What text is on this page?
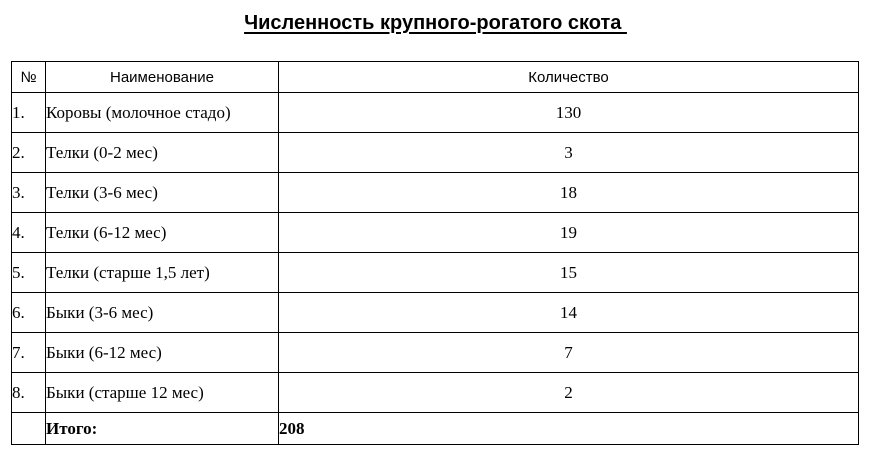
Численность крупного-рогатого скота
№	Наименование	Количество
1.	Коровы (молочное стадо)	130
2.	Телки (0-2 мес)	3
3.	Телки (3-6 мес)	18
4.	Телки (6-12 мес)	19
5.	Телки (старше 1,5 лет)	15
6.	Быки (3-6 мес)	14
7.	Быки (6-12 мес)	7
8.	Быки (старше 12 мес)	2
	Итого:	208
